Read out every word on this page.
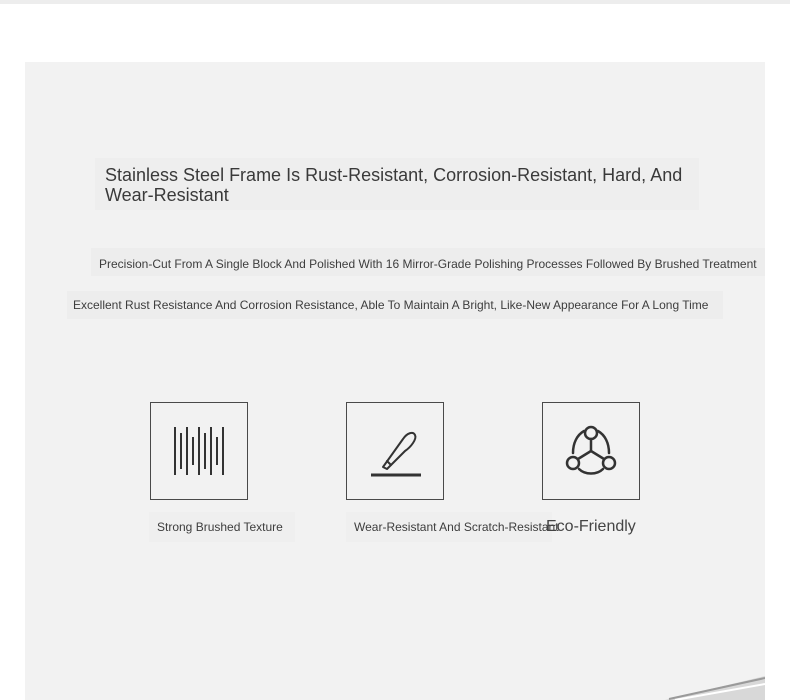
Stainless Steel Frame Is Rust-Resistant, Corrosion-Resistant, Hard, And Wear-Resistant

Precision-Cut From A Single Block And Polished With 16 Mirror-Grade Polishing Processes Followed By Brushed Treatment

Excellent Rust Resistance And Corrosion Resistance, Able To Maintain A Bright, Like-New Appearance For A Long Time

Strong Brushed Texture	Wear-Resistant And Scratch-Resistant
Eco-Friendly
